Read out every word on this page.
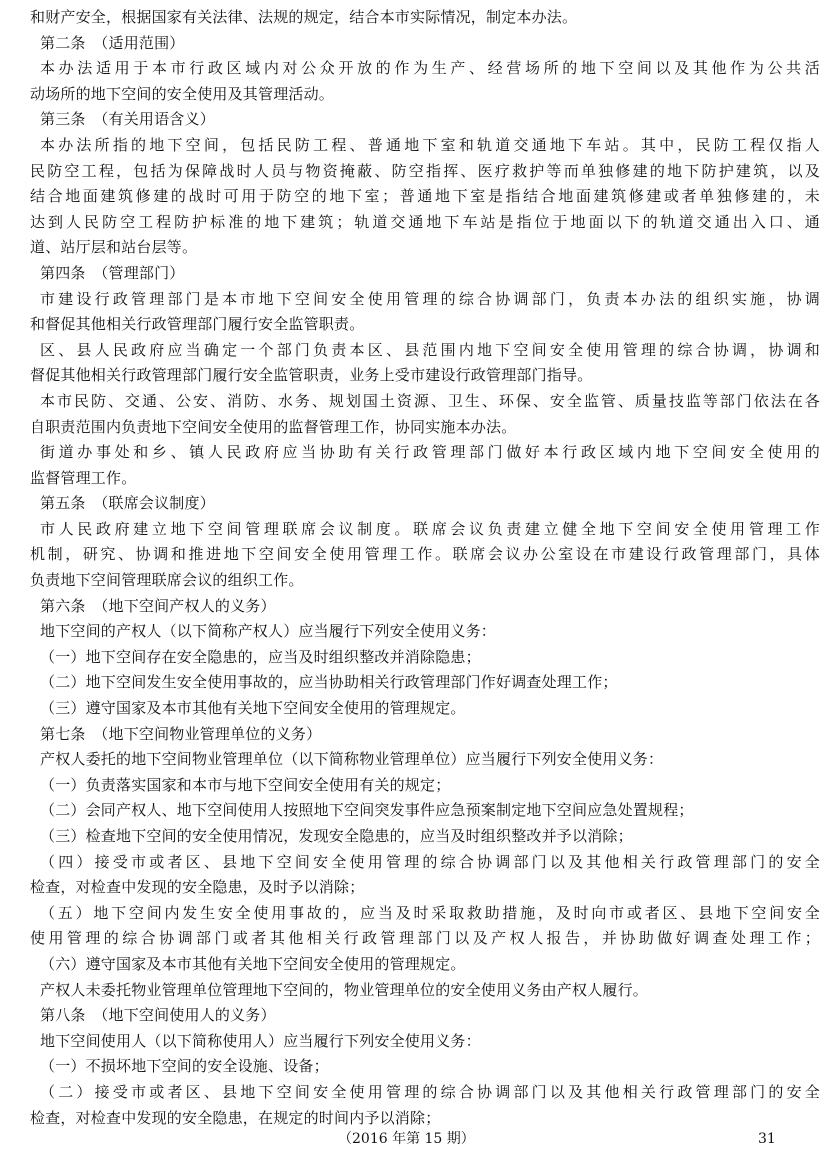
和财产安全，根据国家有关法律、法规的规定，结合本市实际情况，制定本办法。
第二条　（适用范围）
本办法适用于本市行政区域内对公众开放的作为生产、经营场所的地下空间以及其他作为公共活
动场所的地下空间的安全使用及其管理活动。
第三条　（有关用语含义）
本办法所指的地下空间，包括民防工程、普通地下室和轨道交通地下车站。其中，民防工程仅指人
民防空工程，包括为保障战时人员与物资掩蔽、防空指挥、医疗救护等而单独修建的地下防护建筑，以及
结合地面建筑修建的战时可用于防空的地下室；普通地下室是指结合地面建筑修建或者单独修建的，未
达到人民防空工程防护标准的地下建筑；轨道交通地下车站是指位于地面以下的轨道交通出入口、通
道、站厅层和站台层等。
第四条　（管理部门）
市建设行政管理部门是本市地下空间安全使用管理的综合协调部门，负责本办法的组织实施，协调
和督促其他相关行政管理部门履行安全监管职责。
区、县人民政府应当确定一个部门负责本区、县范围内地下空间安全使用管理的综合协调，协调和
督促其他相关行政管理部门履行安全监管职责，业务上受市建设行政管理部门指导。
本市民防、交通、公安、消防、水务、规划国土资源、卫生、环保、安全监管、质量技监等部门依法在各
自职责范围内负责地下空间安全使用的监督管理工作，协同实施本办法。
街道办事处和乡、镇人民政府应当协助有关行政管理部门做好本行政区域内地下空间安全使用的
监督管理工作。
第五条　（联席会议制度）
市人民政府建立地下空间管理联席会议制度。联席会议负责建立健全地下空间安全使用管理工作
机制，研究、协调和推进地下空间安全使用管理工作。联席会议办公室设在市建设行政管理部门，具体
负责地下空间管理联席会议的组织工作。
第六条　（地下空间产权人的义务）
地下空间的产权人（以下简称产权人）应当履行下列安全使用义务：
（一）地下空间存在安全隐患的，应当及时组织整改并消除隐患；
（二）地下空间发生安全使用事故的，应当协助相关行政管理部门作好调查处理工作；
（三）遵守国家及本市其他有关地下空间安全使用的管理规定。
第七条　（地下空间物业管理单位的义务）
产权人委托的地下空间物业管理单位（以下简称物业管理单位）应当履行下列安全使用义务：
（一）负责落实国家和本市与地下空间安全使用有关的规定；
（二）会同产权人、地下空间使用人按照地下空间突发事件应急预案制定地下空间应急处置规程；
（三）检查地下空间的安全使用情况，发现安全隐患的，应当及时组织整改并予以消除；
（四）接受市或者区、县地下空间安全使用管理的综合协调部门以及其他相关行政管理部门的安全
检查，对检查中发现的安全隐患，及时予以消除；
（五）地下空间内发生安全使用事故的，应当及时采取救助措施，及时向市或者区、县地下空间安全
使用管理的综合协调部门或者其他相关行政管理部门以及产权人报告，并协助做好调查处理工作；
（六）遵守国家及本市其他有关地下空间安全使用的管理规定。
产权人未委托物业管理单位管理地下空间的，物业管理单位的安全使用义务由产权人履行。
第八条　（地下空间使用人的义务）
地下空间使用人（以下简称使用人）应当履行下列安全使用义务：
（一）不损坏地下空间的安全设施、设备；
（二）接受市或者区、县地下空间安全使用管理的综合协调部门以及其他相关行政管理部门的安全
检查，对检查中发现的安全隐患，在规定的时间内予以消除；
（2016 年第 15 期）	31
